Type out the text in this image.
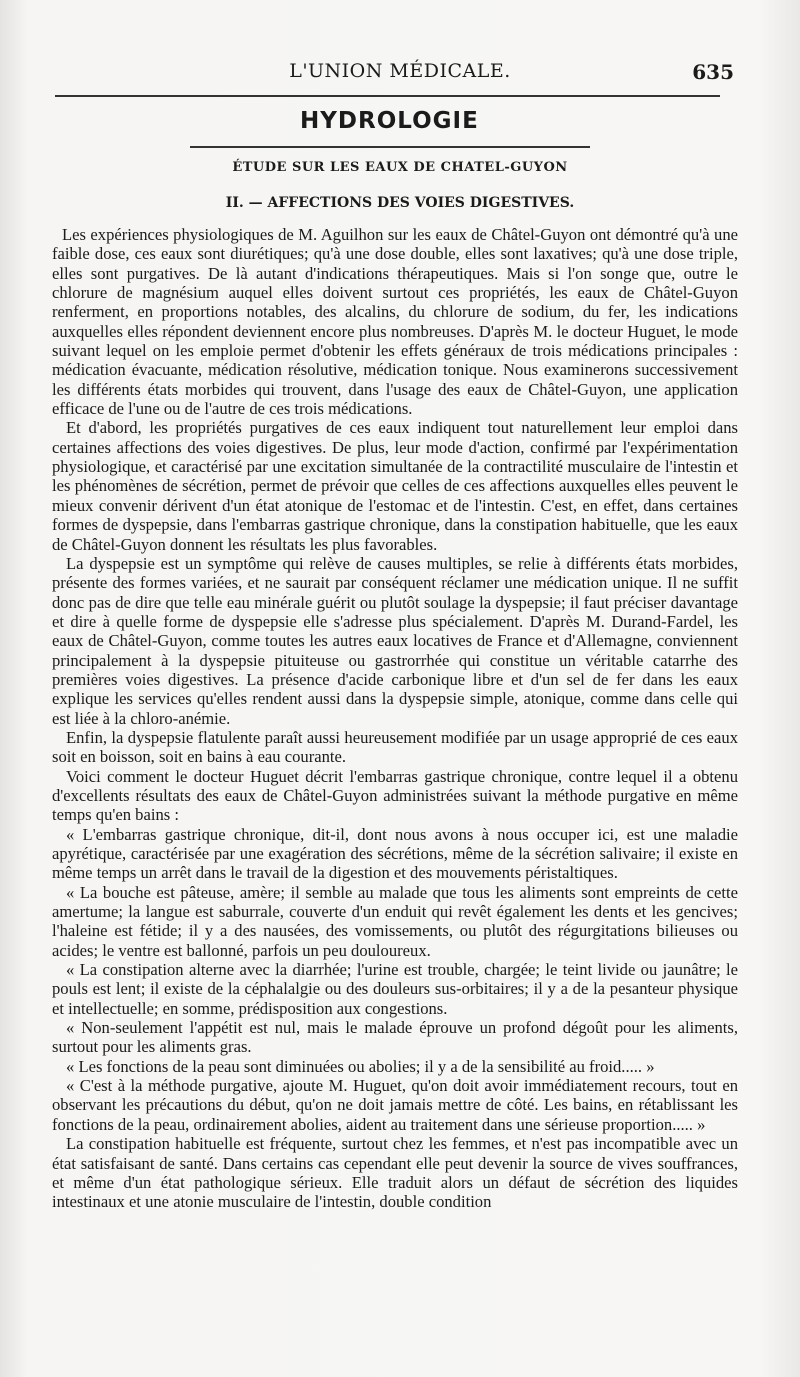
L'UNION MÉDICALE.	635
HYDROLOGIE
ÉTUDE SUR LES EAUX DE CHATEL-GUYON
II. — AFFECTIONS DES VOIES DIGESTIVES.

Les expériences physiologiques de M. Aguilhon sur les eaux de Châtel-Guyon ont démontré qu'à une faible dose, ces eaux sont diurétiques; qu'à une dose double, elles sont laxatives; qu'à une dose triple, elles sont purgatives. De là autant d'indications thérapeutiques. Mais si l'on songe que, outre le chlorure de magnésium auquel elles doivent surtout ces propriétés, les eaux de Châtel-Guyon renferment, en proportions notables, des alcalins, du chlorure de sodium, du fer, les indications auxquelles elles répondent deviennent encore plus nombreuses. D'après M. le docteur Huguet, le mode suivant lequel on les emploie permet d'obtenir les effets généraux de trois médications principales : médication évacuante, médication résolutive, médication tonique. Nous examinerons successivement les différents états morbides qui trouvent, dans l'usage des eaux de Châtel-Guyon, une application efficace de l'une ou de l'autre de ces trois médications.

Et d'abord, les propriétés purgatives de ces eaux indiquent tout naturellement leur emploi dans certaines affections des voies digestives. De plus, leur mode d'action, confirmé par l'expérimentation physiologique, et caractérisé par une excitation simultanée de la contractilité musculaire de l'intestin et les phénomènes de sécrétion, permet de prévoir que celles de ces affections auxquelles elles peuvent le mieux convenir dérivent d'un état atonique de l'estomac et de l'intestin. C'est, en effet, dans certaines formes de dyspepsie, dans l'embarras gastrique chronique, dans la constipation habituelle, que les eaux de Châtel-Guyon donnent les résultats les plus favorables.

La dyspepsie est un symptôme qui relève de causes multiples, se relie à différents états morbides, présente des formes variées, et ne saurait par conséquent réclamer une médication unique. Il ne suffit donc pas de dire que telle eau minérale guérit ou plutôt soulage la dyspepsie; il faut préciser davantage et dire à quelle forme de dyspepsie elle s'adresse plus spécialement. D'après M. Durand-Fardel, les eaux de Châtel-Guyon, comme toutes les autres eaux locatives de France et d'Allemagne, conviennent principalement à la dyspepsie pituiteuse ou gastrorrhée qui constitue un véritable catarrhe des premières voies digestives. La présence d'acide carbonique libre et d'un sel de fer dans les eaux explique les services qu'elles rendent aussi dans la dyspepsie simple, atonique, comme dans celle qui est liée à la chloro-anémie.

Enfin, la dyspepsie flatulente paraît aussi heureusement modifiée par un usage approprié de ces eaux soit en boisson, soit en bains à eau courante.

Voici comment le docteur Huguet décrit l'embarras gastrique chronique, contre lequel il a obtenu d'excellents résultats des eaux de Châtel-Guyon administrées suivant la méthode purgative en même temps qu'en bains :

« L'embarras gastrique chronique, dit-il, dont nous avons à nous occuper ici, est une maladie apyrétique, caractérisée par une exagération des sécrétions, même de la sécrétion salivaire; il existe en même temps un arrêt dans le travail de la digestion et des mouvements péristaltiques.

« La bouche est pâteuse, amère; il semble au malade que tous les aliments sont empreints de cette amertume; la langue est saburrale, couverte d'un enduit qui revêt également les dents et les gencives; l'haleine est fétide; il y a des nausées, des vomissements, ou plutôt des régurgitations bilieuses ou acides; le ventre est ballonné, parfois un peu douloureux.

« La constipation alterne avec la diarrhée; l'urine est trouble, chargée; le teint livide ou jaunâtre; le pouls est lent; il existe de la céphalalgie ou des douleurs sus-orbitaires; il y a de la pesanteur physique et intellectuelle; en somme, prédisposition aux congestions.

« Non-seulement l'appétit est nul, mais le malade éprouve un profond dégoût pour les aliments, surtout pour les aliments gras.

« Les fonctions de la peau sont diminuées ou abolies; il y a de la sensibilité au froid..... »

« C'est à la méthode purgative, ajoute M. Huguet, qu'on doit avoir immédiatement recours, tout en observant les précautions du début, qu'on ne doit jamais mettre de côté. Les bains, en rétablissant les fonctions de la peau, ordinairement abolies, aident au traitement dans une sérieuse proportion..... »

La constipation habituelle est fréquente, surtout chez les femmes, et n'est pas incompatible avec un état satisfaisant de santé. Dans certains cas cependant elle peut devenir la source de vives souffrances, et même d'un état pathologique sérieux. Elle traduit alors un défaut de sécrétion des liquides intestinaux et une atonie musculaire de l'intestin, double condition
